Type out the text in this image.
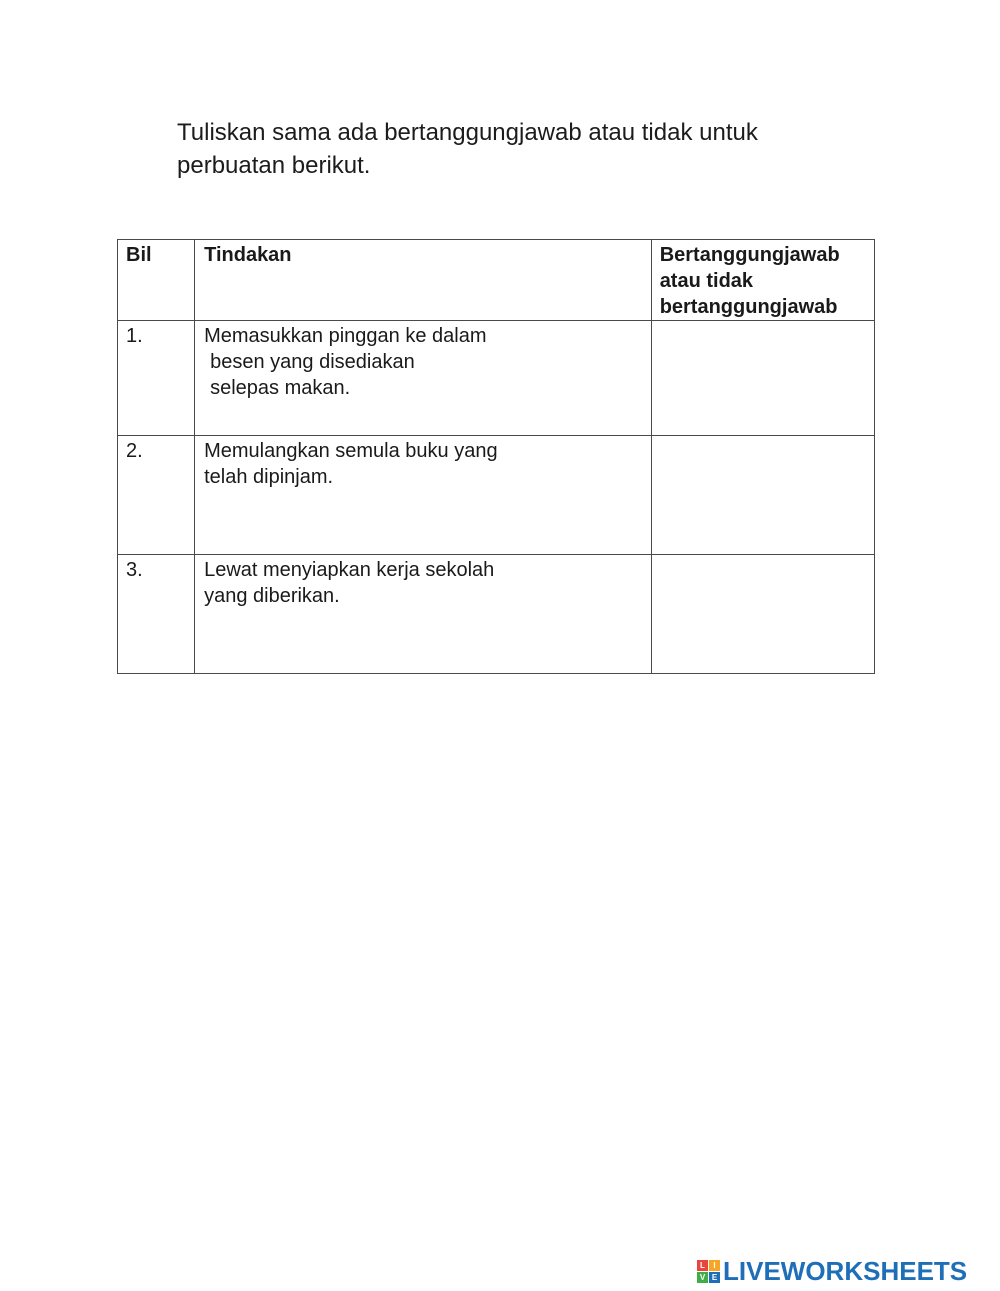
Tuliskan sama ada bertanggungjawab atau tidak untuk
perbuatan berikut.
Bil	Tindakan	Bertanggungjawab
atau tidak
bertanggungjawab

1.	Memasukkan pinggan ke dalam
besen yang disediakan
selepas makan.	

2.	Memulangkan semula buku yang
telah dipinjam.	

3.	Lewat menyiapkan kerja sekolah
yang diberikan.	

L	I
V E LIVEWORKSHEETS
